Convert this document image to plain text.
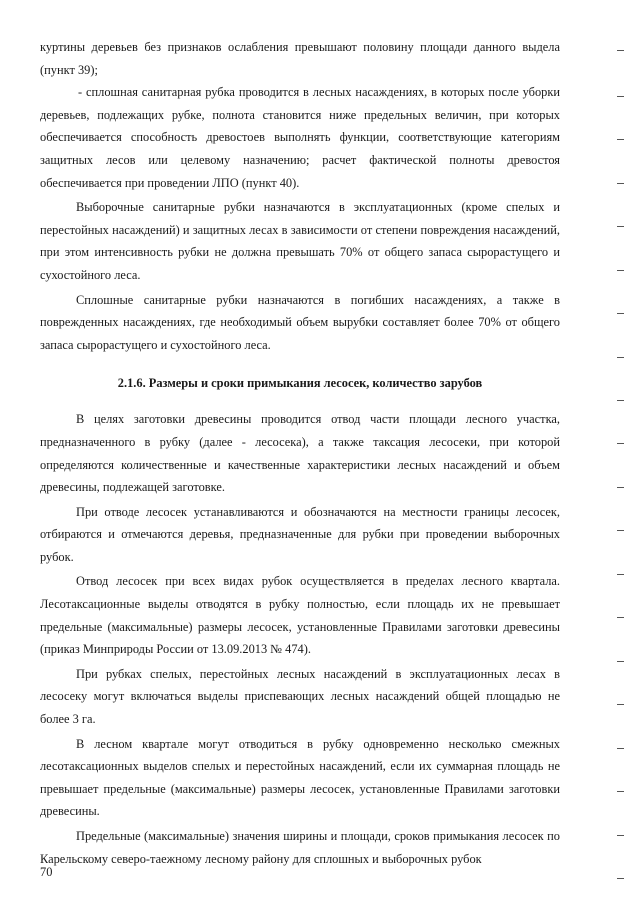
куртины деревьев без признаков ослабления превышают половину площади данного выдела (пункт 39);

- сплошная санитарная рубка проводится в лесных насаждениях, в которых после уборки деревьев, подлежащих рубке, полнота становится ниже предельных величин, при которых обеспечивается способность древостоев выполнять функции, соответствующие категориям защитных лесов или целевому назначению; расчет фактической полноты древостоя обеспечивается при проведении ЛПО (пункт 40).

Выборочные санитарные рубки назначаются в эксплуатационных (кроме спелых и перестойных насаждений) и защитных лесах в зависимости от степени повреждения насаждений, при этом интенсивность рубки не должна превышать 70% от общего запаса сырорастущего и сухостойного леса.

Сплошные санитарные рубки назначаются в погибших насаждениях, а также в поврежденных насаждениях, где необходимый объем вырубки составляет более 70% от общего запаса сырорастущего и сухостойного леса.

2.1.6. Размеры и сроки примыкания лесосек, количество зарубов

В целях заготовки древесины проводится отвод части площади лесного участка, предназначенного в рубку (далее - лесосека), а также таксация лесосеки, при которой определяются количественные и качественные характеристики лесных насаждений и объем древесины, подлежащей заготовке.

При отводе лесосек устанавливаются и обозначаются на местности границы лесосек, отбираются и отмечаются деревья, предназначенные для рубки при проведении выборочных рубок.

Отвод лесосек при всех видах рубок осуществляется в пределах лесного квартала. Лесотаксационные выделы отводятся в рубку полностью, если площадь их не превышает предельные (максимальные) размеры лесосек, установленные Правилами заготовки древесины (приказ Минприроды России от 13.09.2013 № 474).

При рубках спелых, перестойных лесных насаждений в эксплуатационных лесах в лесосеку могут включаться выделы приспевающих лесных насаждений общей площадью не более 3 га.

В лесном квартале могут отводиться в рубку одновременно несколько смежных лесотаксационных выделов спелых и перестойных насаждений, если их суммарная площадь не превышает предельные (максимальные) размеры лесосек, установленные Правилами заготовки древесины.

Предельные (максимальные) значения ширины и площади, сроков примыкания лесосек по Карельскому северо-таежному лесному району для сплошных и выборочных рубок

70
